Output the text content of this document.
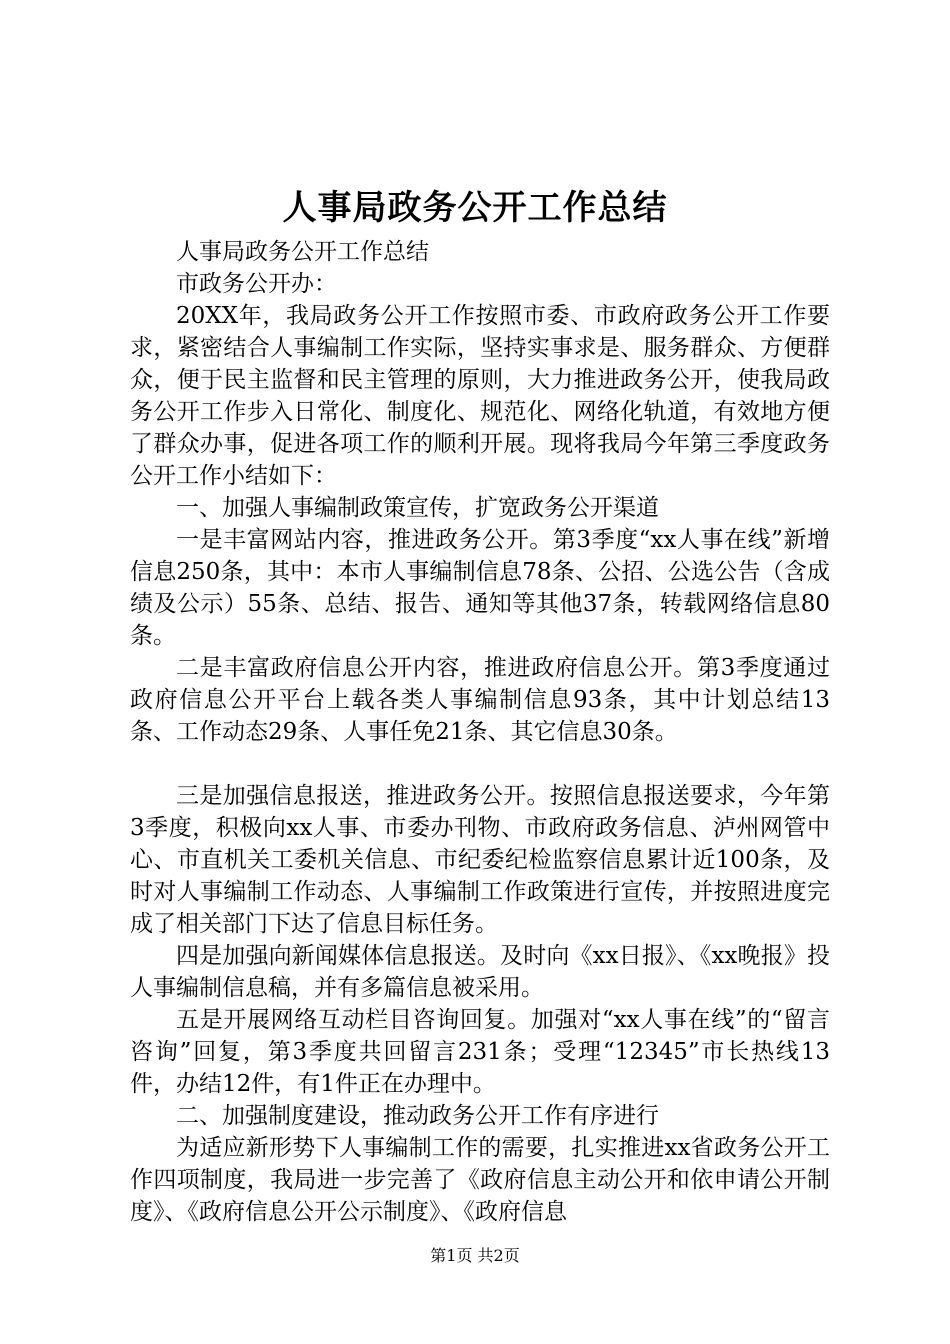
人事局政务公开工作总结

人事局政务公开工作总结

市政务公开办：

20XX年，我局政务公开工作按照市委、市政府政务公开工作要求，紧密结合人事编制工作实际，坚持实事求是、服务群众、方便群众，便于民主监督和民主管理的原则，大力推进政务公开，使我局政务公开工作步入日常化、制度化、规范化、网络化轨道，有效地方便了群众办事，促进各项工作的顺利开展。现将我局今年第三季度政务公开工作小结如下：

一、加强人事编制政策宣传，扩宽政务公开渠道

一是丰富网站内容，推进政务公开。第3季度“xx人事在线”新增信息250条，其中：本市人事编制信息78条、公招、公选公告（含成绩及公示）55条、总结、报告、通知等其他37条，转载网络信息80条。

二是丰富政府信息公开内容，推进政府信息公开。第3季度通过政府信息公开平台上载各类人事编制信息93条，其中计划总结13条、工作动态29条、人事任免21条、其它信息30条。

三是加强信息报送，推进政务公开。按照信息报送要求，今年第3季度，积极向xx人事、市委办刊物、市政府政务信息、泸州网管中心、市直机关工委机关信息、市纪委纪检监察信息累计近100条，及时对人事编制工作动态、人事编制工作政策进行宣传，并按照进度完成了相关部门下达了信息目标任务。

四是加强向新闻媒体信息报送。及时向《xx日报》、《xx晚报》投人事编制信息稿，并有多篇信息被采用。

五是开展网络互动栏目咨询回复。加强对“xx人事在线”的“留言咨询”回复，第3季度共回留言231条；受理“12345”市长热线13件，办结12件，有1件正在办理中。

二、加强制度建设，推动政务公开工作有序进行

为适应新形势下人事编制工作的需要，扎实推进xx省政务公开工作四项制度，我局进一步完善了《政府信息主动公开和依申请公开制度》、《政府信息公开公示制度》、《政府信息

第1页 共2页
